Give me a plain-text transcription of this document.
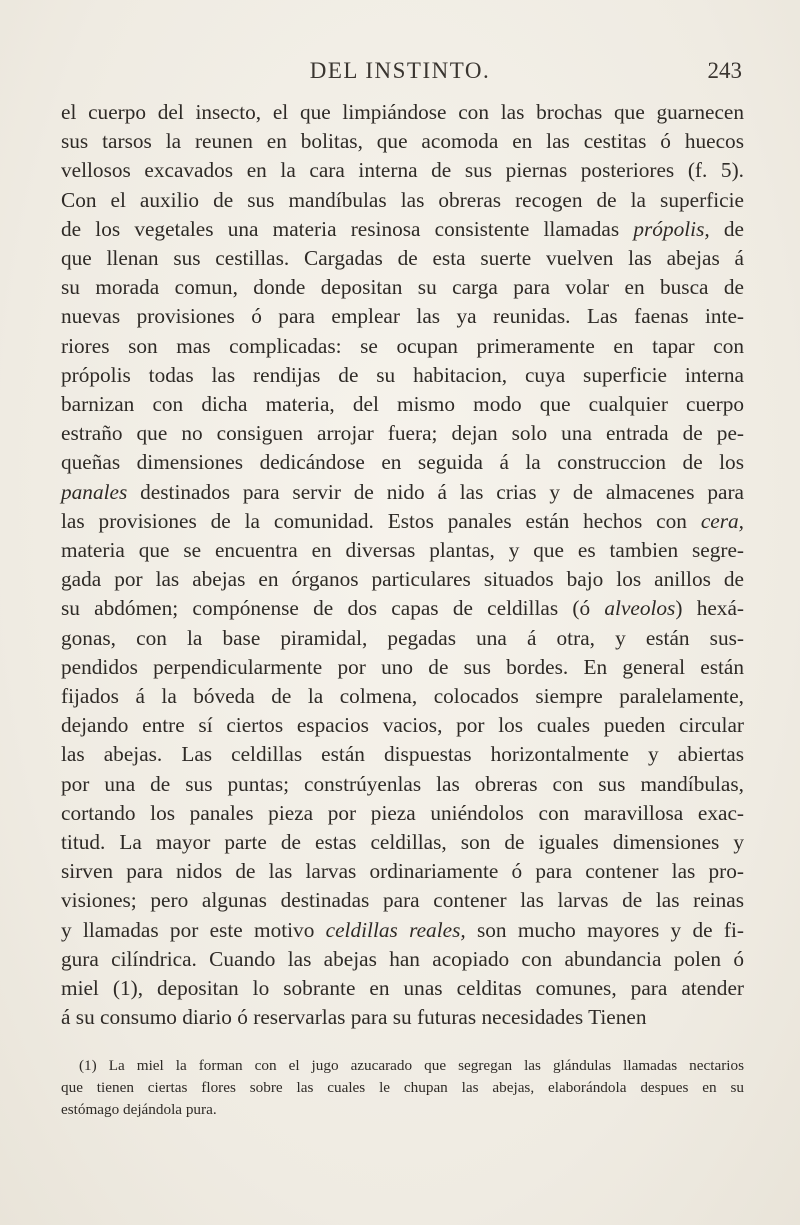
DEL INSTINTO.	243
el cuerpo del insecto, el que limpiándose con las brochas que guarnecen
sus tarsos la reunen en bolitas, que acomoda en las cestitas ó huecos
vellosos excavados en la cara interna de sus piernas posteriores (f. 5).
Con el auxilio de sus mandíbulas las obreras recogen de la superficie
de los vegetales una materia resinosa consistente llamadas própolis, de
que llenan sus cestillas. Cargadas de esta suerte vuelven las abejas á
su morada comun, donde depositan su carga para volar en busca de
nuevas provisiones ó para emplear las ya reunidas. Las faenas inte-
riores son mas complicadas: se ocupan primeramente en tapar con
própolis todas las rendijas de su habitacion, cuya superficie interna
barnizan con dicha materia, del mismo modo que cualquier cuerpo
estraño que no consiguen arrojar fuera; dejan solo una entrada de pe-
queñas dimensiones dedicándose en seguida á la construccion de los
panales destinados para servir de nido á las crias y de almacenes para
las provisiones de la comunidad. Estos panales están hechos con cera,
materia que se encuentra en diversas plantas, y que es tambien segre-
gada por las abejas en órganos particulares situados bajo los anillos de
su abdómen; compónense de dos capas de celdillas (ó alveolos) hexá-
gonas, con la base piramidal, pegadas una á otra, y están sus-
pendidos perpendicularmente por uno de sus bordes. En general están
fijados á la bóveda de la colmena, colocados siempre paralelamente,
dejando entre sí ciertos espacios vacios, por los cuales pueden circular
las abejas. Las celdillas están dispuestas horizontalmente y abiertas
por una de sus puntas; constrúyenlas las obreras con sus mandíbulas,
cortando los panales pieza por pieza uniéndolos con maravillosa exac-
titud. La mayor parte de estas celdillas, son de iguales dimensiones y
sirven para nidos de las larvas ordinariamente ó para contener las pro-
visiones; pero algunas destinadas para contener las larvas de las reinas
y llamadas por este motivo celdillas reales, son mucho mayores y de fi-
gura cilíndrica. Cuando las abejas han acopiado con abundancia polen ó
miel (1), depositan lo sobrante en unas celditas comunes, para atender
á su consumo diario ó reservarlas para su futuras necesidades Tienen
(1) La miel la forman con el jugo azucarado que segregan las glándulas llamadas nectarios
que tienen ciertas flores sobre las cuales le chupan las abejas, elaborándola despues en su
estómago dejándola pura.
